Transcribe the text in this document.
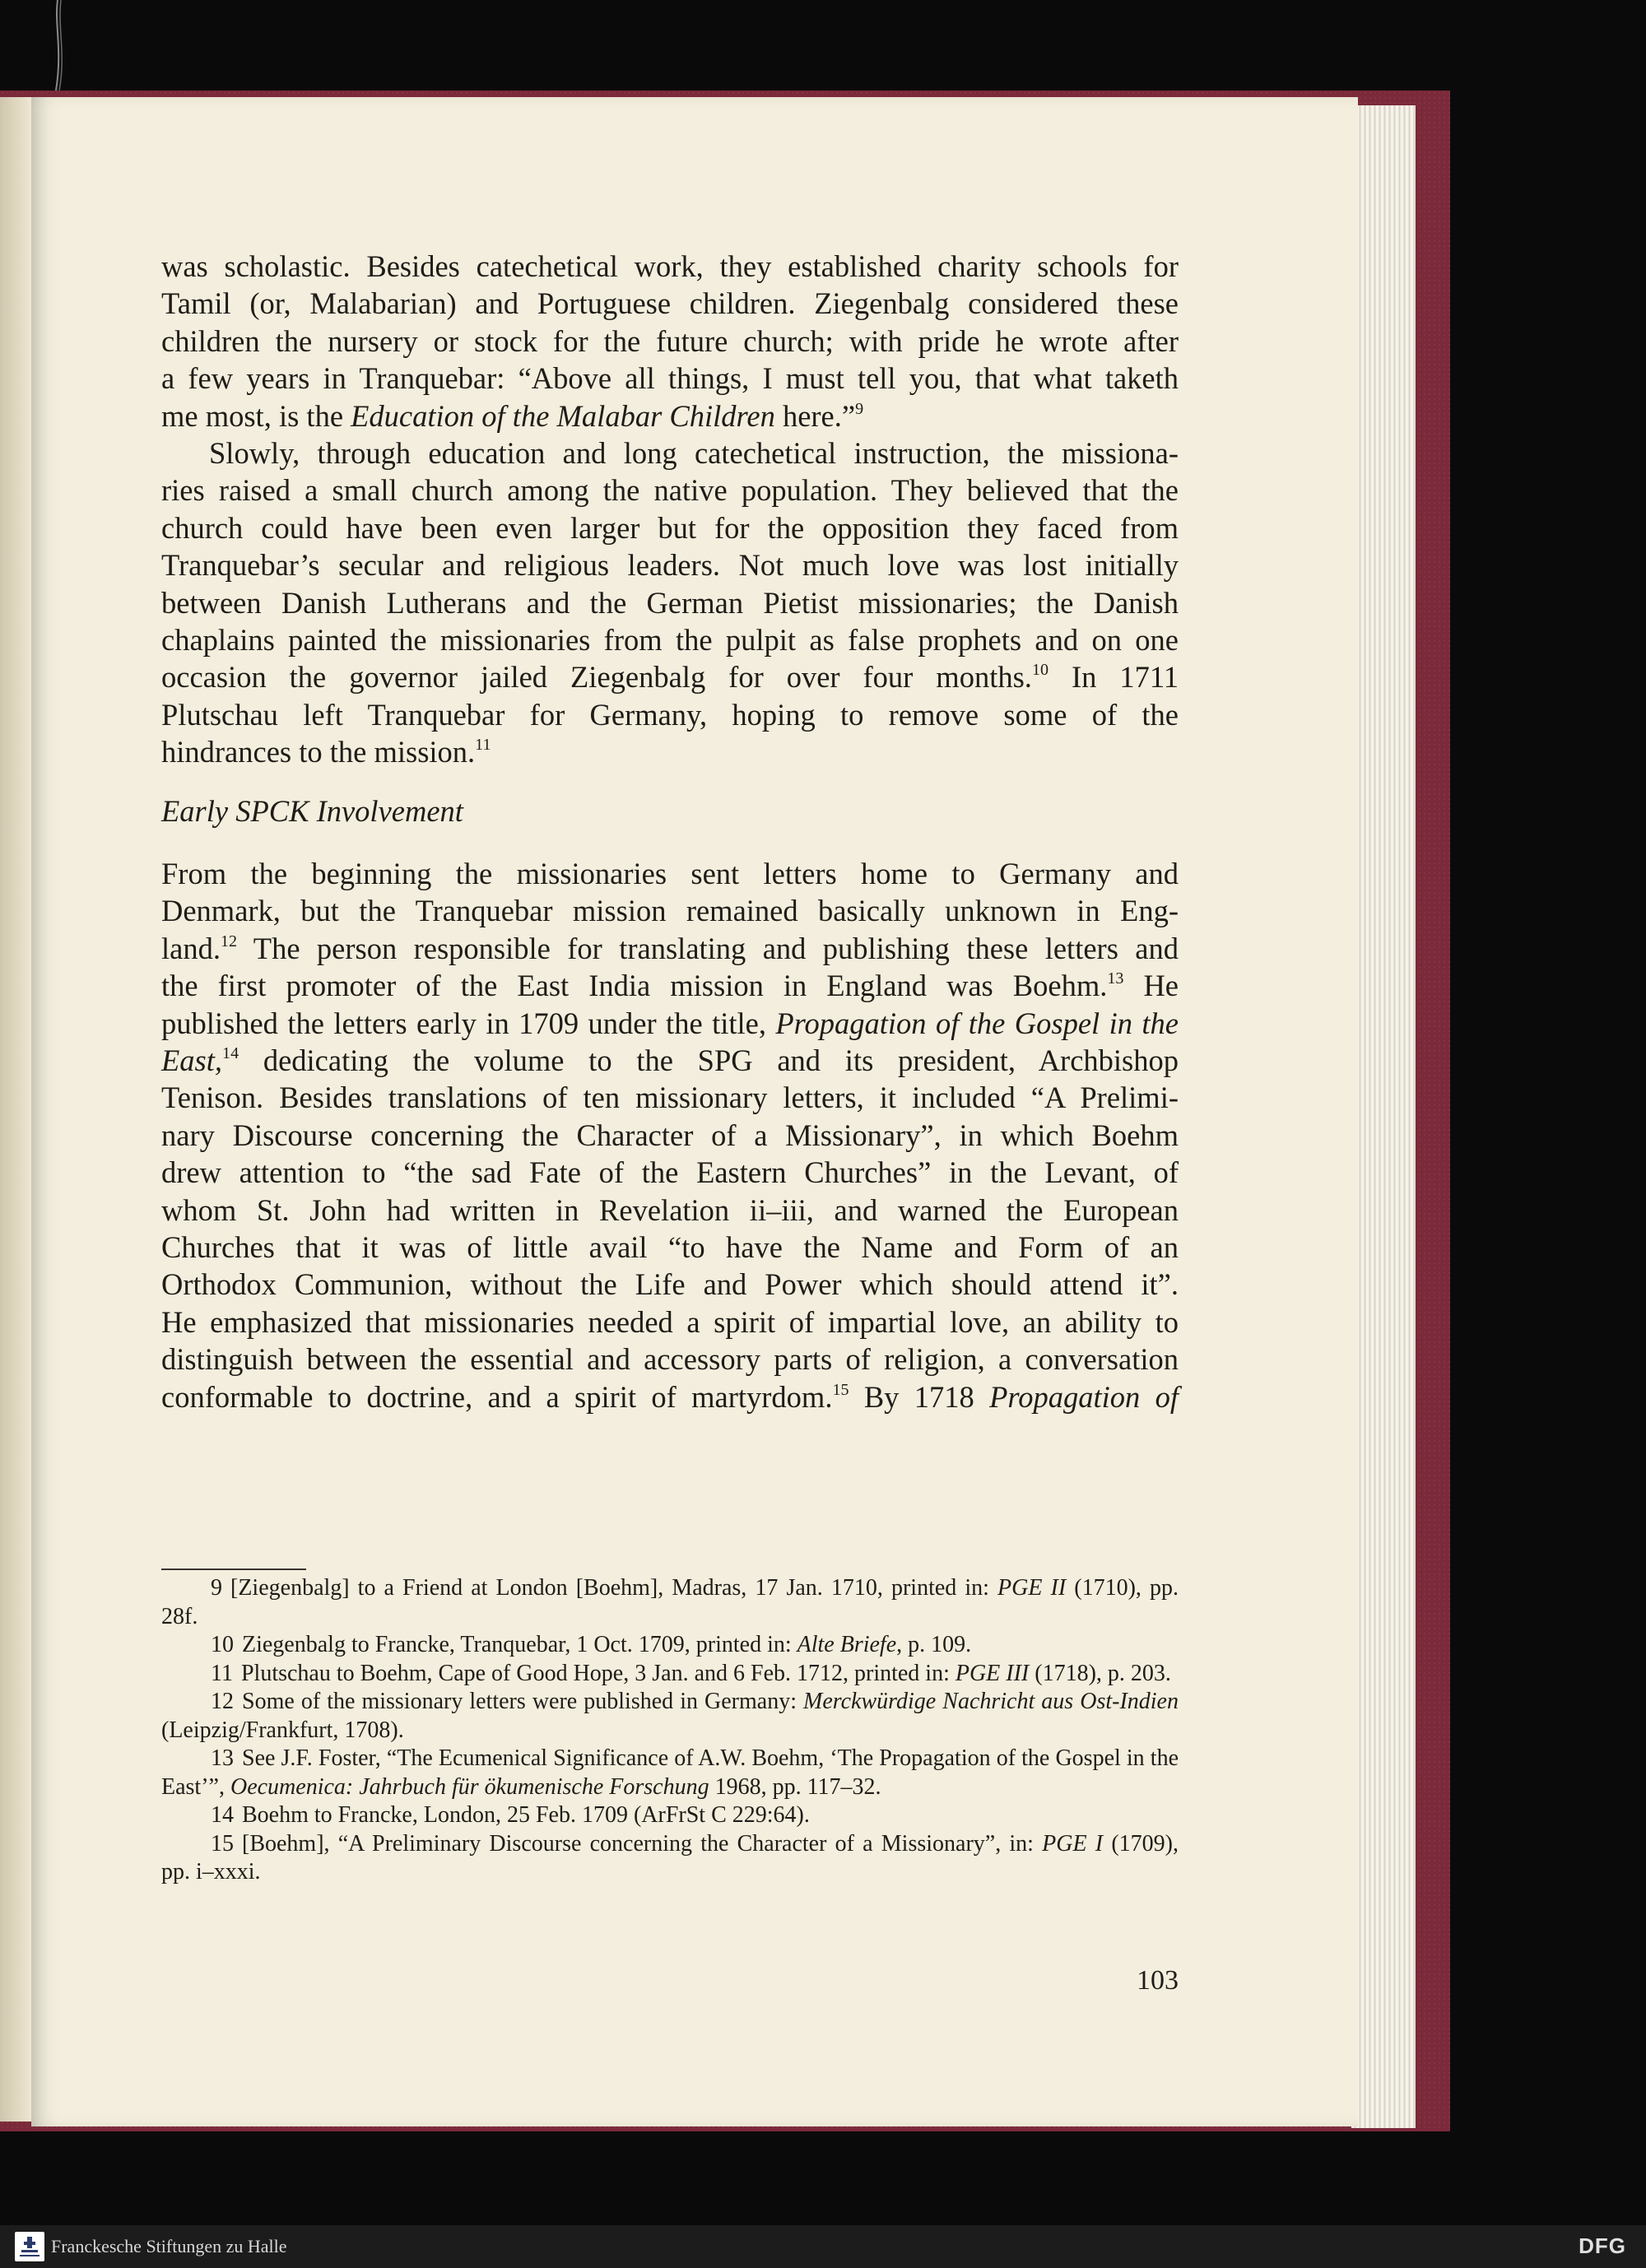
was scholastic. Besides catechetical work, they established charity schools for
Tamil (or, Malabarian) and Portuguese children. Ziegenbalg considered these
children the nursery or stock for the future church; with pride he wrote after
a few years in Tranquebar: “Above all things, I must tell you, that what taketh
me most, is the Education of the Malabar Children here.”$^9$
Slowly, through education and long catechetical instruction, the missiona-
ries raised a small church among the native population. They believed that the
church could have been even larger but for the opposition they faced from
Tranquebar’s secular and religious leaders. Not much love was lost initially
between Danish Lutherans and the German Pietist missionaries; the Danish
chaplains painted the missionaries from the pulpit as false prophets and on one
occasion the governor jailed Ziegenbalg for over four months.$^{10}$ In 1711
Plutschau left Tranquebar for Germany, hoping to remove some of the
hindrances to the mission.$^{11}$
Early SPCK Involvement
From the beginning the missionaries sent letters home to Germany and
Denmark, but the Tranquebar mission remained basically unknown in Eng-
land.$^{12}$ The person responsible for translating and publishing these letters and
the first promoter of the East India mission in England was Boehm.$^{13}$ He
published the letters early in 1709 under the title, Propagation of the Gospel in the
East,$^{14}$ dedicating the volume to the SPG and its president, Archbishop
Tenison. Besides translations of ten missionary letters, it included “A Prelimi-
nary Discourse concerning the Character of a Missionary”, in which Boehm
drew attention to “the sad Fate of the Eastern Churches” in the Levant, of
whom St. John had written in Revelation ii–iii, and warned the European
Churches that it was of little avail “to have the Name and Form of an
Orthodox Communion, without the Life and Power which should attend it”.
He emphasized that missionaries needed a spirit of impartial love, an ability to
distinguish between the essential and accessory parts of religion, a conversation
conformable to doctrine, and a spirit of martyrdom.$^{15}$ By 1718 Propagation of

9 [Ziegenbalg] to a Friend at London [Boehm], Madras, 17 Jan. 1710, printed in: PGE II (1710), pp. 28f.

10 Ziegenbalg to Francke, Tranquebar, 1 Oct. 1709, printed in: Alte Briefe, p. 109.

11 Plutschau to Boehm, Cape of Good Hope, 3 Jan. and 6 Feb. 1712, printed in: PGE III (1718), p. 203.

12 Some of the missionary letters were published in Germany: Merckwürdige Nachricht aus Ost-Indien (Leipzig/Frankfurt, 1708).

13 See J.F. Foster, “The Ecumenical Significance of A.W. Boehm, ‘The Propagation of the Gospel in the East’”, Oecumenica: Jahrbuch für ökumenische Forschung 1968, pp. 117–32.

14 Boehm to Francke, London, 25 Feb. 1709 (ArFrSt C 229:64).

15 [Boehm], “A Preliminary Discourse concerning the Character of a Missionary”, in: PGE I (1709), pp. i–xxxi.

103
Franckesche Stiftungen zu Halle	DFG
